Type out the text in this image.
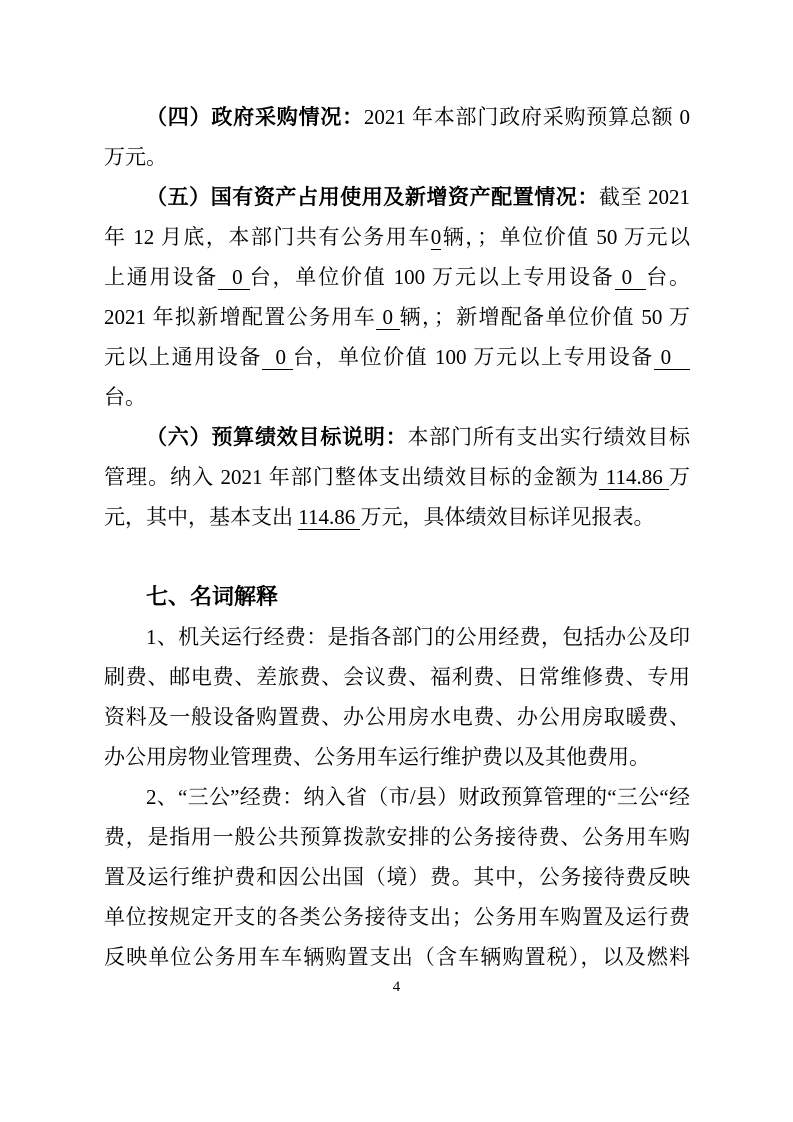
（四）政府采购情况：2021 年本部门政府采购预算总额 0
万元。
（五）国有资产占用使用及新增资产配置情况：截至 2021
年 12 月底，本部门共有公务用车0辆，；单位价值 50 万元以
上通用设备  0 台，单位价值 100 万元以上专用设备 0  台。
2021 年拟新增配置公务用车 0 辆，；新增配备单位价值 50 万
元以上通用设备  0 台，单位价值 100 万元以上专用设备 0
台。
（六）预算绩效目标说明：本部门所有支出实行绩效目标
管理。纳入 2021 年部门整体支出绩效目标的金额为 114.86 万
元，其中，基本支出 114.86 万元，具体绩效目标详见报表。
七、名词解释
1、机关运行经费：是指各部门的公用经费，包括办公及印
刷费、邮电费、差旅费、会议费、福利费、日常维修费、专用
资料及一般设备购置费、办公用房水电费、办公用房取暖费、
办公用房物业管理费、公务用车运行维护费以及其他费用。
2、“三公”经费：纳入省（市/县）财政预算管理的“三公“经
费，是指用一般公共预算拨款安排的公务接待费、公务用车购
置及运行维护费和因公出国（境）费。其中，公务接待费反映
单位按规定开支的各类公务接待支出；公务用车购置及运行费
反映单位公务用车车辆购置支出（含车辆购置税），以及燃料
4
